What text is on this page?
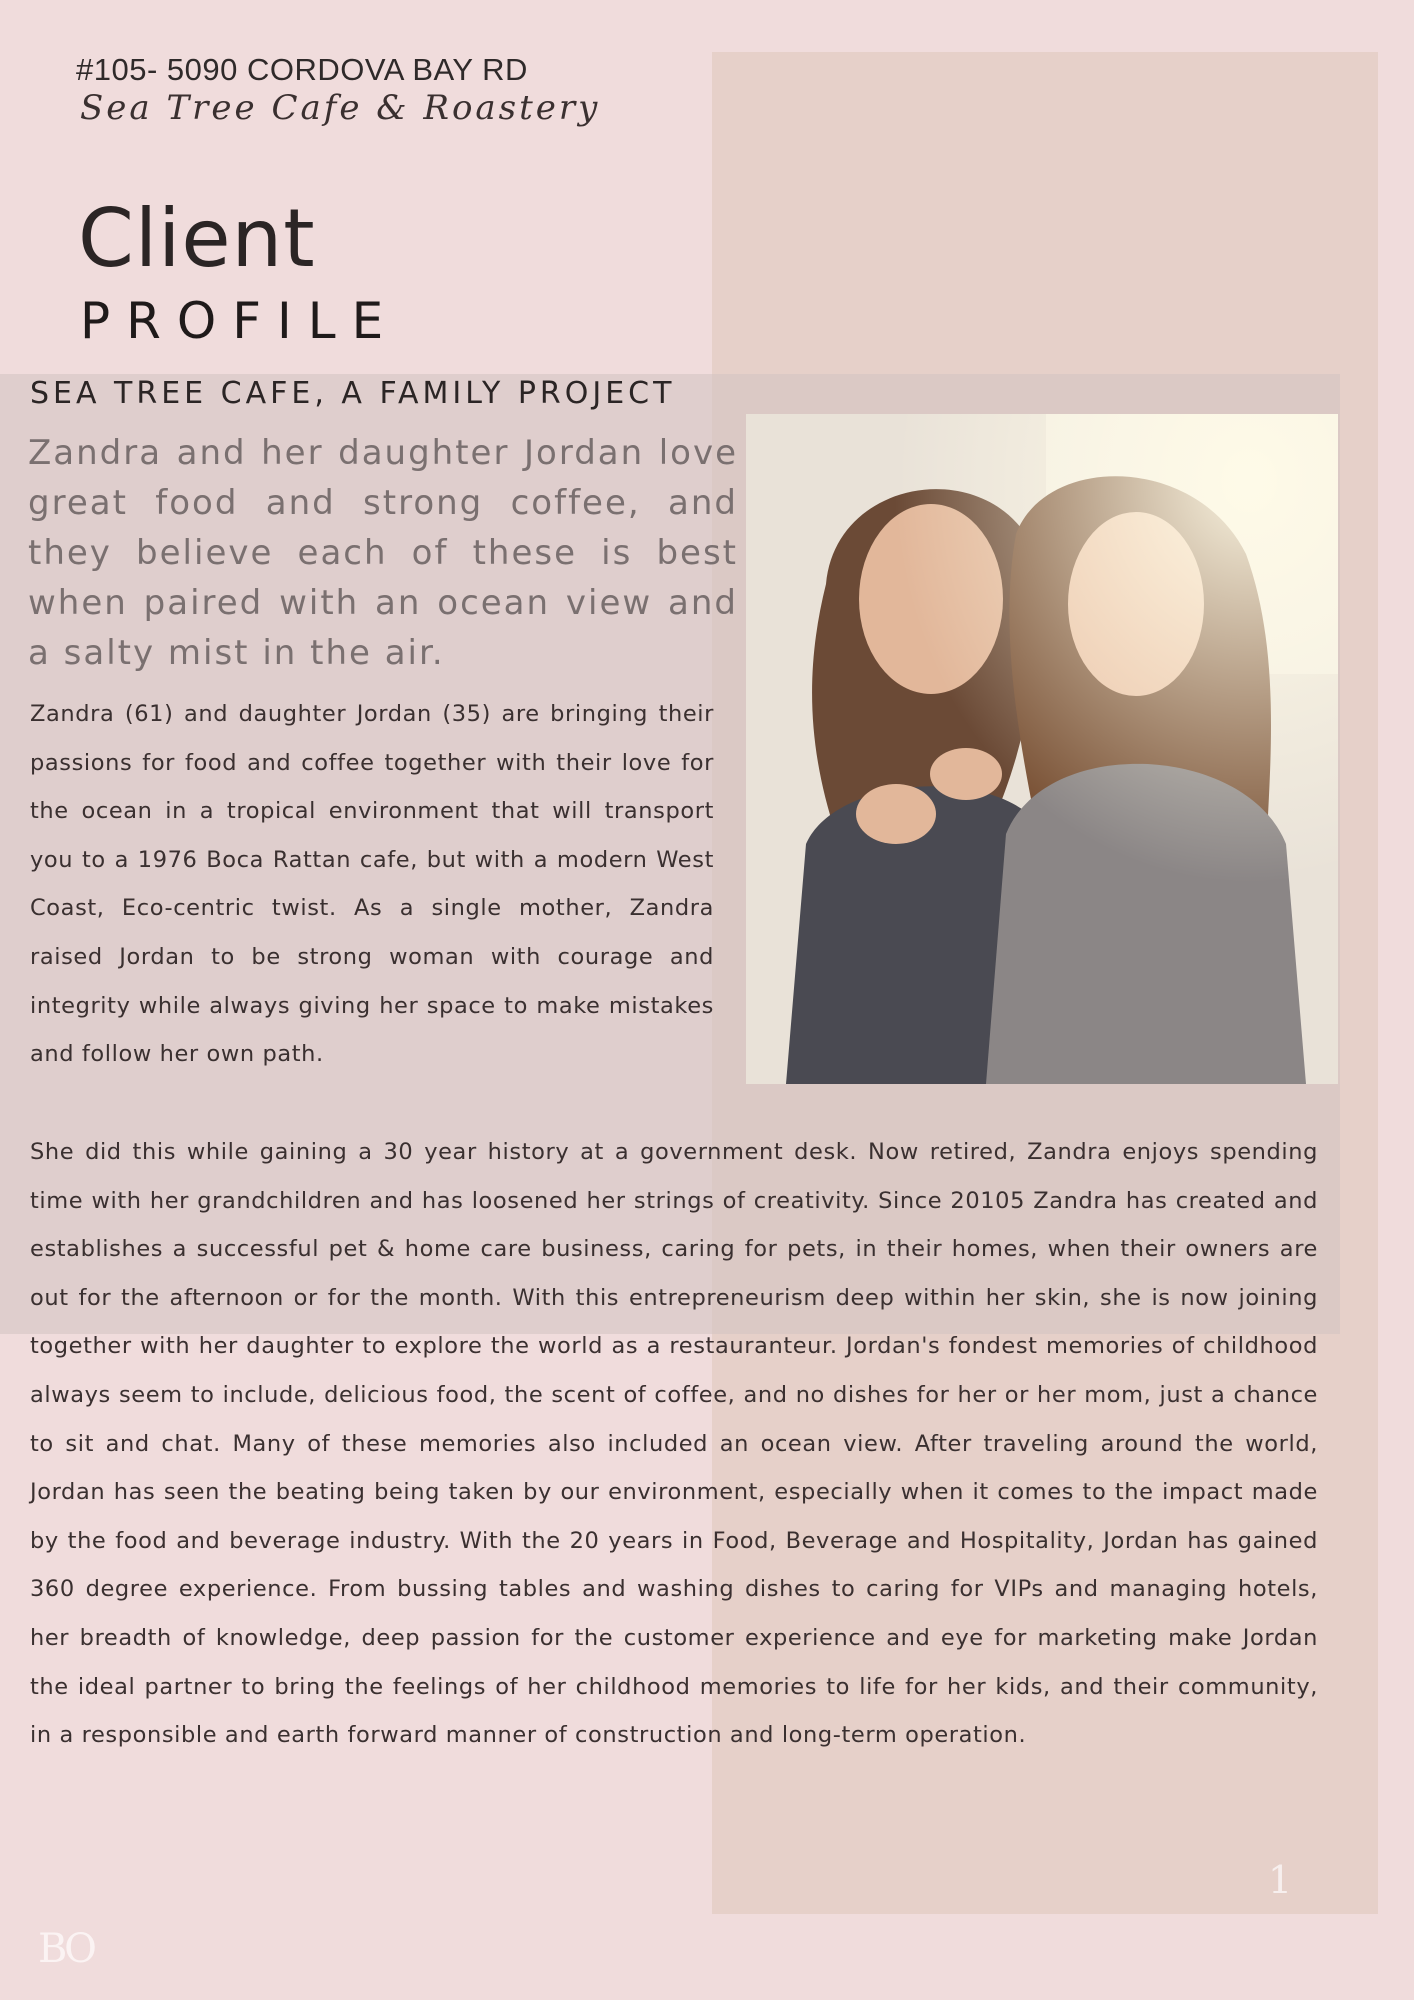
#105- 5090 CORDOVA BAY RD
Sea Tree Cafe & Roastery
Client
PROFILE
SEA TREE CAFE, A FAMILY PROJECT
Zandra and her daughter Jordan love great food and strong coffee, and they believe each of these is best when paired with an ocean view and a salty mist in the air.
Zandra (61) and daughter Jordan (35) are bringing their passions for food and coffee together with their love for the ocean in a tropical environment that will transport you to a 1976 Boca Rattan cafe, but with a modern West Coast, Eco-centric twist. As a single mother, Zandra raised Jordan to be strong woman with courage and integrity while always giving her space to make mistakes and follow her own path.
She did this while gaining a 30 year history at a government desk. Now retired, Zandra enjoys spending time with her grandchildren and has loosened her strings of creativity. Since 20105 Zandra has created and establishes a successful pet & home care business, caring for pets, in their homes, when their owners are out for the afternoon or for the month. With this entrepreneurism deep within her skin, she is now joining together with her daughter to explore the world as a restauranteur. Jordan's fondest memories of childhood always seem to include, delicious food, the scent of coffee, and no dishes for her or her mom, just a chance to sit and chat. Many of these memories also included an ocean view. After traveling around the world, Jordan has seen the beating being taken by our environment, especially when it comes to the impact made by the food and beverage industry. With the 20 years in Food, Beverage and Hospitality, Jordan has gained 360 degree experience. From bussing tables and washing dishes to caring for VIPs and managing hotels, her breadth of knowledge, deep passion for the customer experience and eye for marketing make Jordan the ideal partner to bring the feelings of her childhood memories to life for her kids, and their community, in a responsible and earth forward manner of construction and long-term operation.
1
BO
